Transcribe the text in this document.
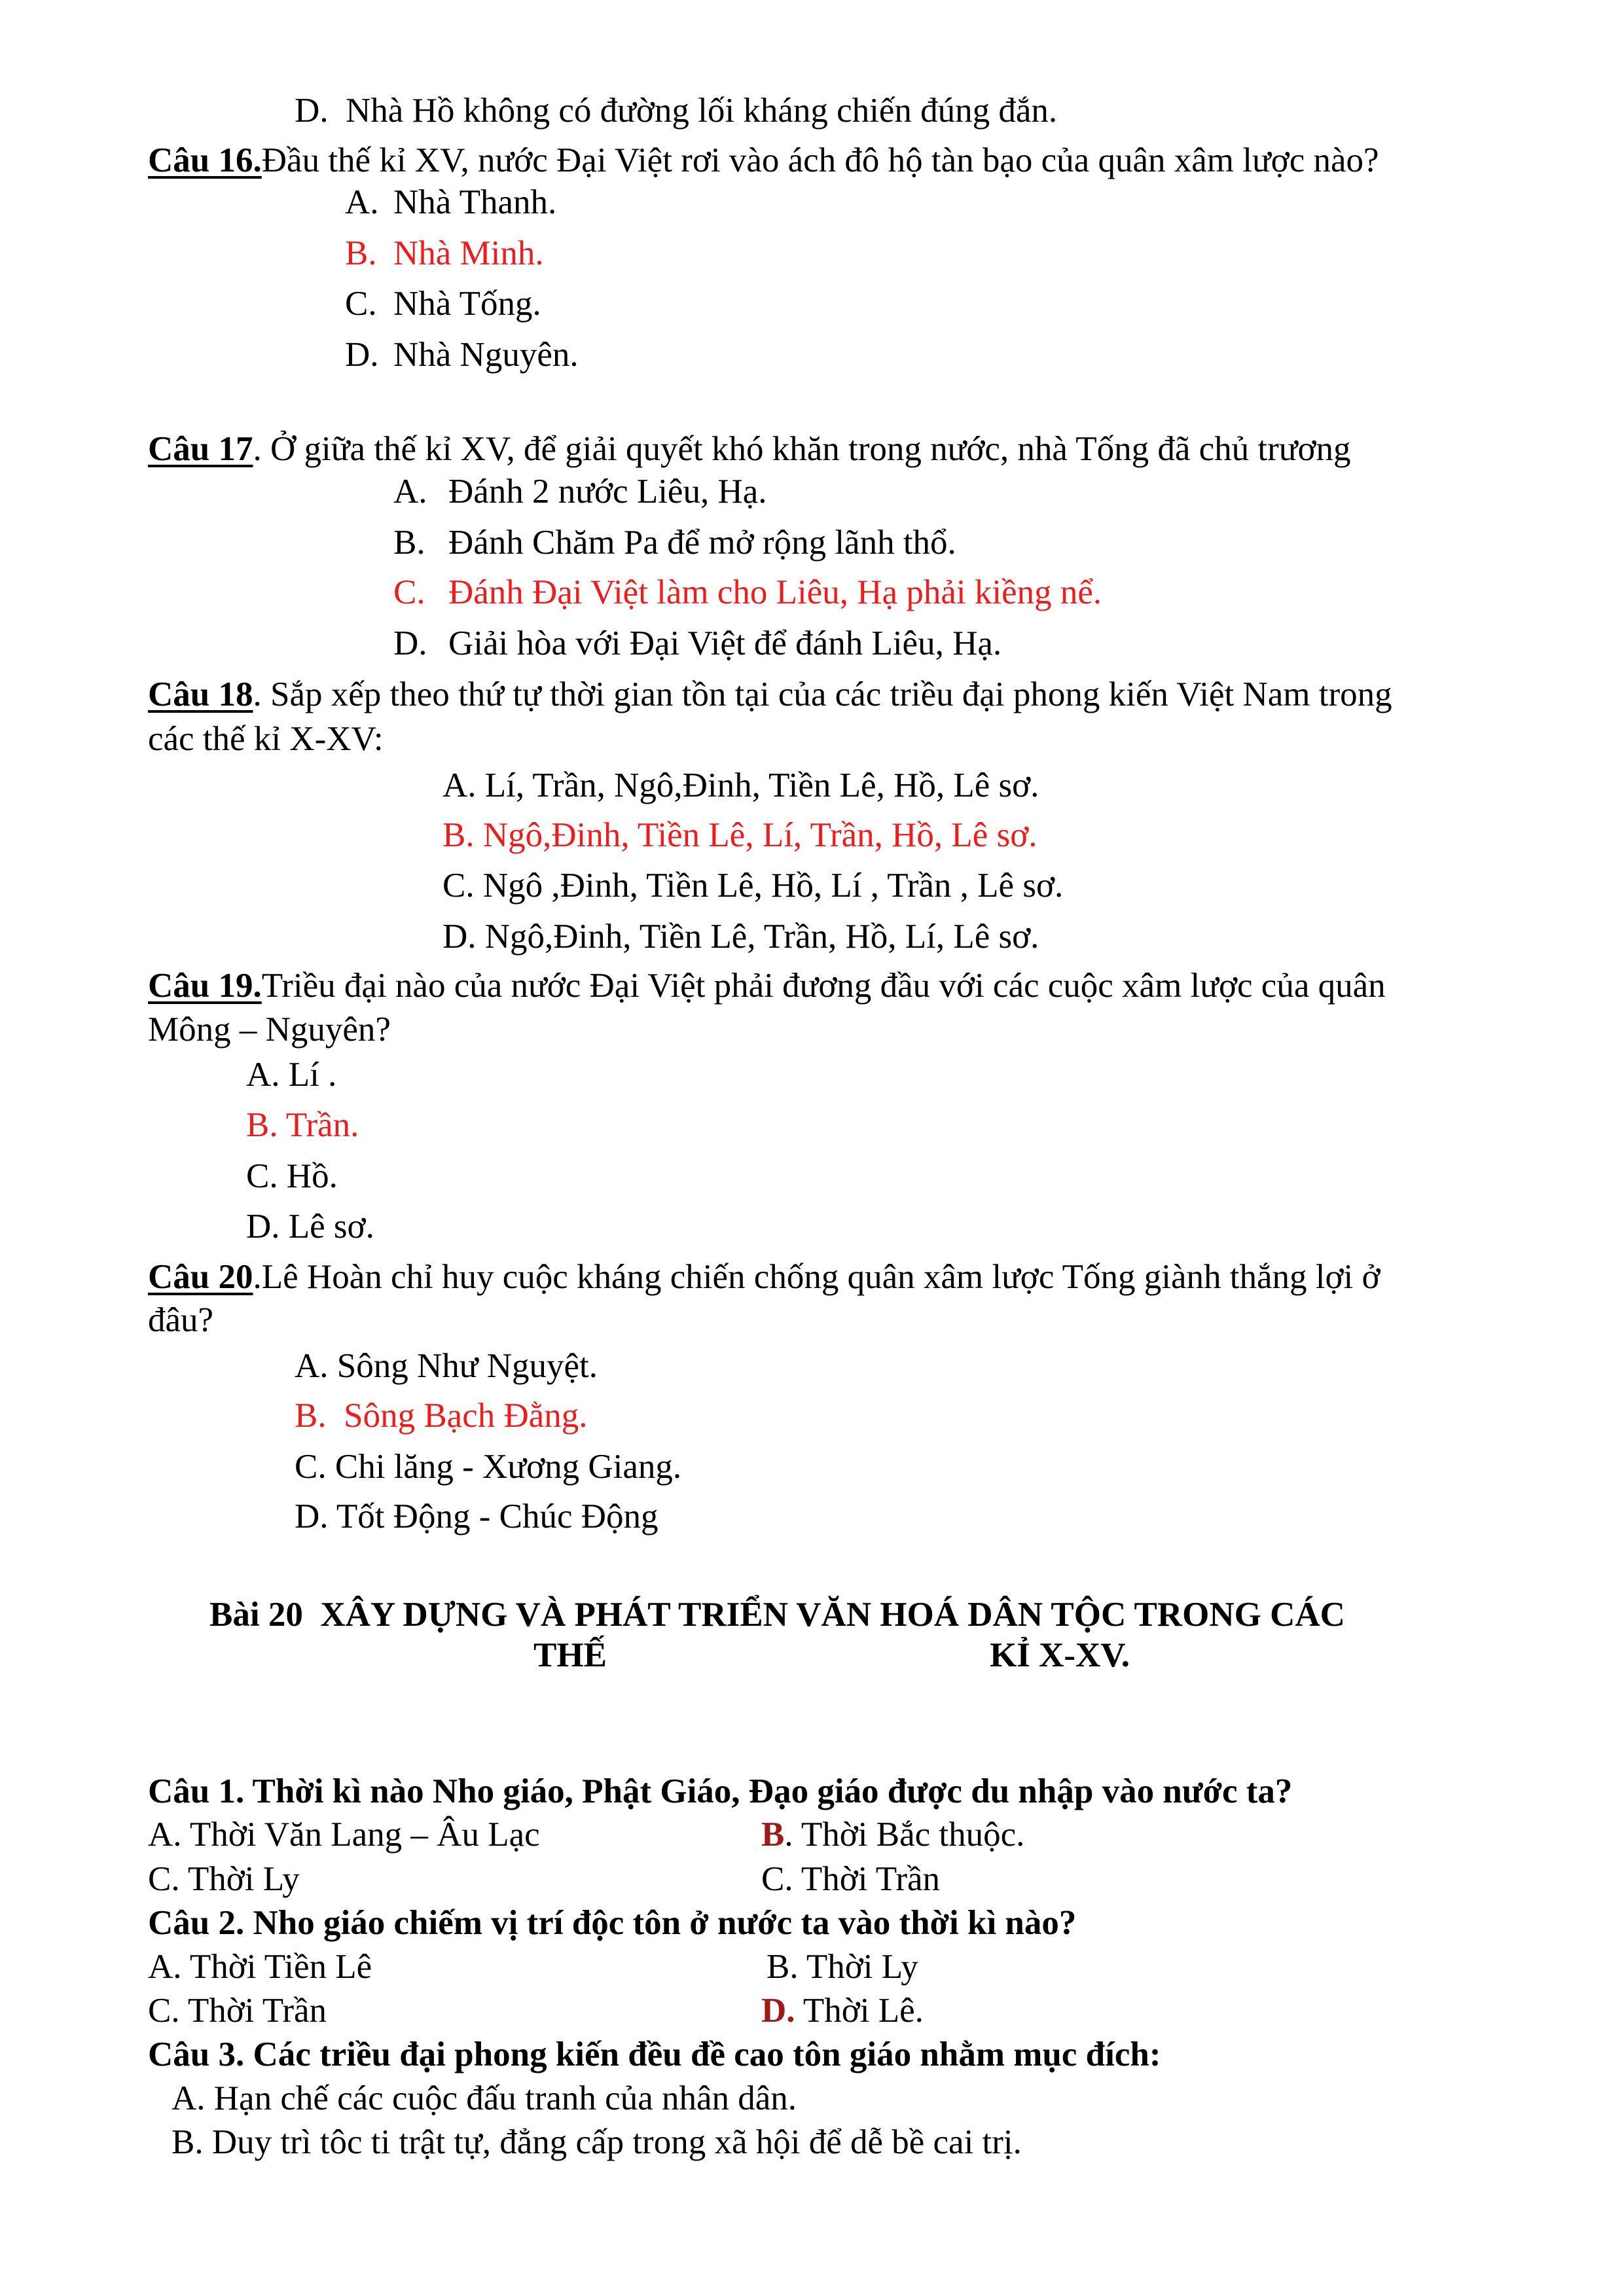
D.  Nhà Hồ không có đường lối kháng chiến đúng đắn.
Câu 16.Đầu thế kỉ XV, nước Đại Việt rơi vào ách đô hộ tàn bạo của quân xâm lược nào?
A. Nhà Thanh.
B. Nhà Minh.
C. Nhà Tống.
D. Nhà Nguyên.
Câu 17. Ở giữa thế kỉ XV, để giải quyết khó khăn trong nước, nhà Tống đã chủ trương
A. Đánh 2 nước Liêu, Hạ.
B. Đánh Chăm Pa để mở rộng lãnh thổ.
C. Đánh Đại Việt làm cho Liêu, Hạ phải kiềng nể.
D. Giải hòa với Đại Việt để đánh Liêu, Hạ.
Câu 18. Sắp xếp theo thứ tự thời gian tồn tại của các triều đại phong kiến Việt Nam trong
các thế kỉ X-XV:
A. Lí, Trần, Ngô,Đinh, Tiền Lê, Hồ, Lê sơ.
B. Ngô,Đinh, Tiền Lê, Lí, Trần, Hồ, Lê sơ.
C. Ngô ,Đinh, Tiền Lê, Hồ, Lí , Trần , Lê sơ.
D. Ngô,Đinh, Tiền Lê, Trần, Hồ, Lí, Lê sơ.
Câu 19.Triều đại nào của nước Đại Việt phải đương đầu với các cuộc xâm lược của quân
Mông – Nguyên?
A. Lí .
B. Trần.
C. Hồ.
D. Lê sơ.
Câu 20.Lê Hoàn chỉ huy cuộc kháng chiến chống quân xâm lược Tống giành thắng lợi ở
đâu?
A. Sông Như Nguyệt.
B.  Sông Bạch Đằng.
C. Chi lăng - Xương Giang.
D. Tốt Động - Chúc Động
Bài 20  XÂY DỰNG VÀ PHÁT TRIỂN VĂN HOÁ DÂN TỘC TRONG CÁC
THẾ	KỈ X-XV.
Câu 1. Thời kì nào Nho giáo, Phật Giáo, Đạo giáo được du nhập vào nước ta?
A. Thời Văn Lang – Âu Lạc	B. Thời Bắc thuộc.
C. Thời Ly	C. Thời Trần
Câu 2. Nho giáo chiếm vị trí độc tôn ở nước ta vào thời kì nào?
A. Thời Tiền Lê	B. Thời Ly
C. Thời Trần	D. Thời Lê.
Câu 3. Các triều đại phong kiến đều đề cao tôn giáo nhằm mục đích:
A. Hạn chế các cuộc đấu tranh của nhân dân.
B. Duy trì tôc ti trật tự, đẳng cấp trong xã hội để dễ bề cai trị.
